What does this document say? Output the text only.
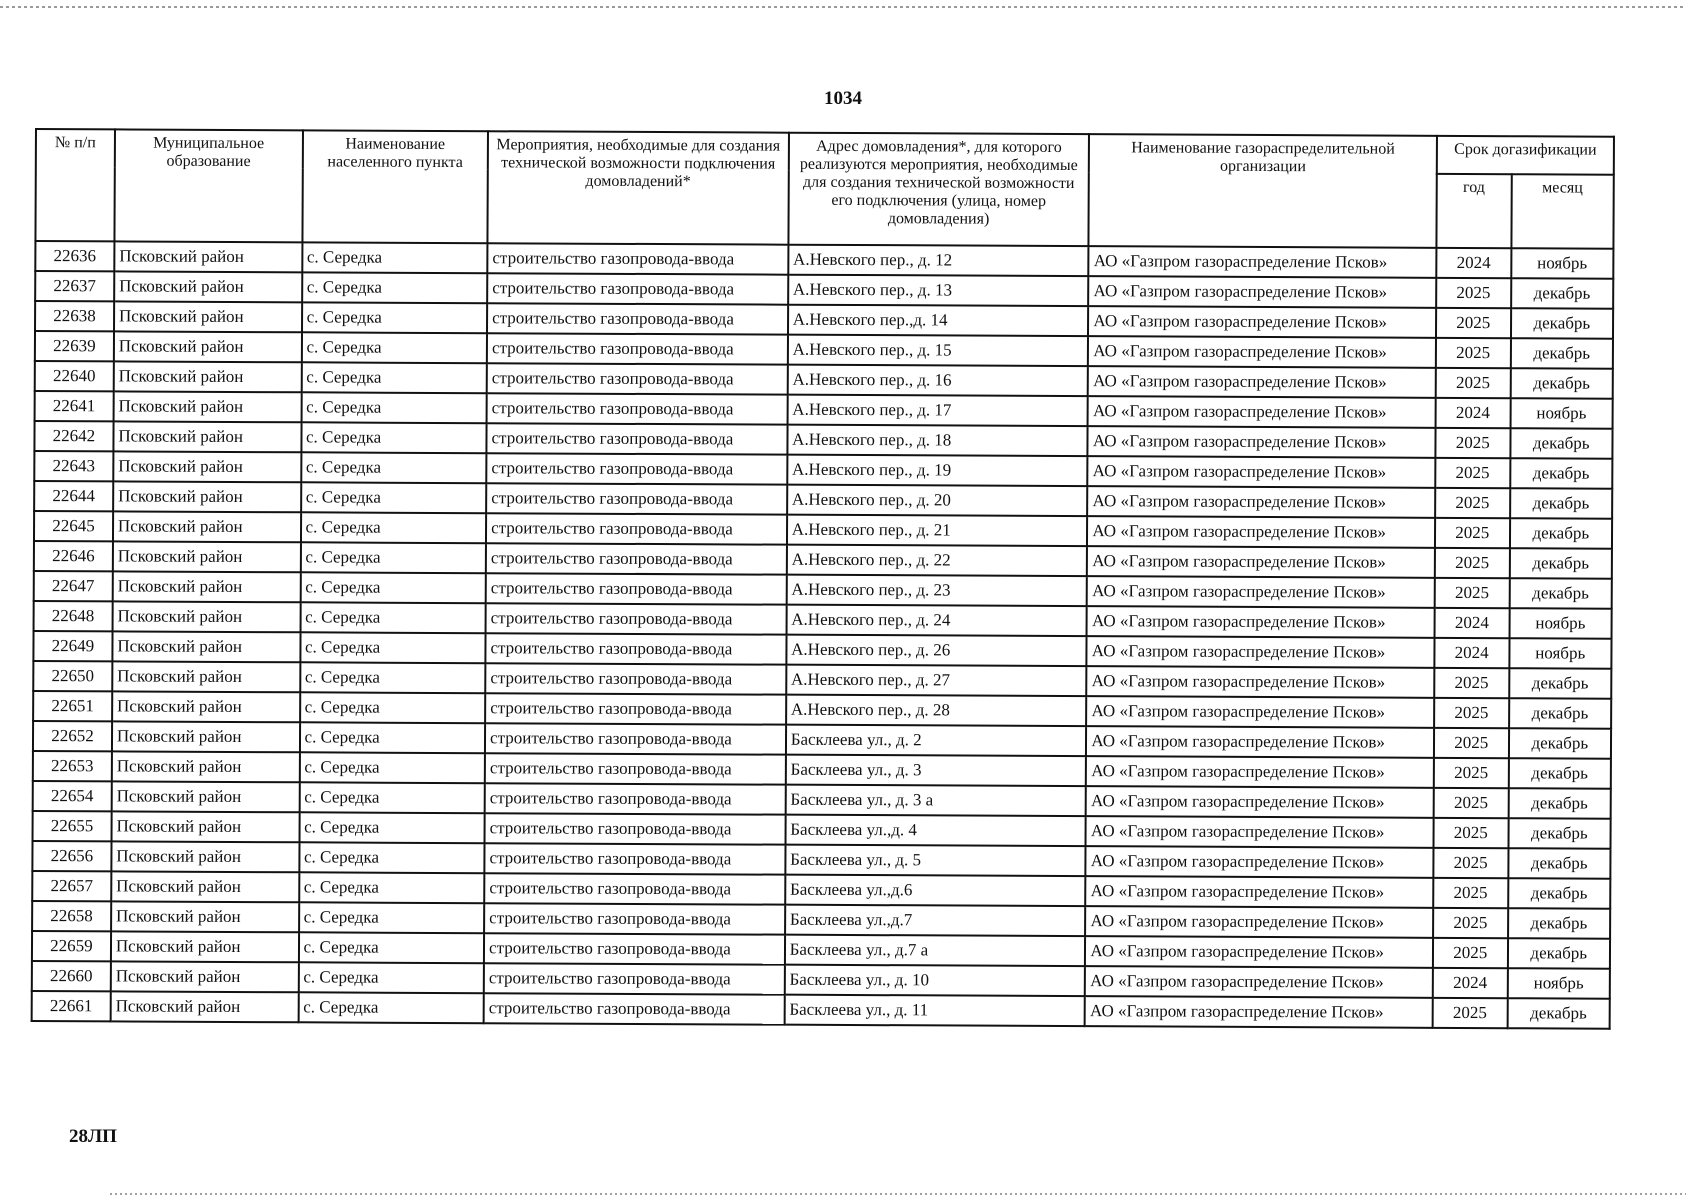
1034
№ п/п	Муниципальное образование	Наименование населенного пункта	Мероприятия, необходимые для создания технической возможности подключения домовладений*	Адрес домовладения*, для которого реализуются мероприятия, необходимые для создания технической возможности его подключения (улица, номер домовладения)	Наименование газораспределительной организации	Срок догазификации	
						год	месяц
22636	Псковский район	с. Середка	строительство газопровода-ввода	А.Невского пер., д. 12	АО «Газпром газораспределение Псков»	2024	ноябрь
22637	Псковский район	с. Середка	строительство газопровода-ввода	А.Невского пер., д. 13	АО «Газпром газораспределение Псков»	2025	декабрь
22638	Псковский район	с. Середка	строительство газопровода-ввода	А.Невского пер.,д. 14	АО «Газпром газораспределение Псков»	2025	декабрь
22639	Псковский район	с. Середка	строительство газопровода-ввода	А.Невского пер., д. 15	АО «Газпром газораспределение Псков»	2025	декабрь
22640	Псковский район	с. Середка	строительство газопровода-ввода	А.Невского пер., д. 16	АО «Газпром газораспределение Псков»	2025	декабрь
22641	Псковский район	с. Середка	строительство газопровода-ввода	А.Невского пер., д. 17	АО «Газпром газораспределение Псков»	2024	ноябрь
22642	Псковский район	с. Середка	строительство газопровода-ввода	А.Невского пер., д. 18	АО «Газпром газораспределение Псков»	2025	декабрь
22643	Псковский район	с. Середка	строительство газопровода-ввода	А.Невского пер., д. 19	АО «Газпром газораспределение Псков»	2025	декабрь
22644	Псковский район	с. Середка	строительство газопровода-ввода	А.Невского пер., д. 20	АО «Газпром газораспределение Псков»	2025	декабрь
22645	Псковский район	с. Середка	строительство газопровода-ввода	А.Невского пер., д. 21	АО «Газпром газораспределение Псков»	2025	декабрь
22646	Псковский район	с. Середка	строительство газопровода-ввода	А.Невского пер., д. 22	АО «Газпром газораспределение Псков»	2025	декабрь
22647	Псковский район	с. Середка	строительство газопровода-ввода	А.Невского пер., д. 23	АО «Газпром газораспределение Псков»	2025	декабрь
22648	Псковский район	с. Середка	строительство газопровода-ввода	А.Невского пер., д. 24	АО «Газпром газораспределение Псков»	2024	ноябрь
22649	Псковский район	с. Середка	строительство газопровода-ввода	А.Невского пер., д. 26	АО «Газпром газораспределение Псков»	2024	ноябрь
22650	Псковский район	с. Середка	строительство газопровода-ввода	А.Невского пер., д. 27	АО «Газпром газораспределение Псков»	2025	декабрь
22651	Псковский район	с. Середка	строительство газопровода-ввода	А.Невского пер., д. 28	АО «Газпром газораспределение Псков»	2025	декабрь
22652	Псковский район	с. Середка	строительство газопровода-ввода	Басклеева ул., д. 2	АО «Газпром газораспределение Псков»	2025	декабрь
22653	Псковский район	с. Середка	строительство газопровода-ввода	Басклеева ул., д. 3	АО «Газпром газораспределение Псков»	2025	декабрь
22654	Псковский район	с. Середка	строительство газопровода-ввода	Басклеева ул., д. 3 а	АО «Газпром газораспределение Псков»	2025	декабрь
22655	Псковский район	с. Середка	строительство газопровода-ввода	Басклеева ул.,д. 4	АО «Газпром газораспределение Псков»	2025	декабрь
22656	Псковский район	с. Середка	строительство газопровода-ввода	Басклеева ул., д. 5	АО «Газпром газораспределение Псков»	2025	декабрь
22657	Псковский район	с. Середка	строительство газопровода-ввода	Басклеева ул.,д.6	АО «Газпром газораспределение Псков»	2025	декабрь
22658	Псковский район	с. Середка	строительство газопровода-ввода	Басклеева ул.,д.7	АО «Газпром газораспределение Псков»	2025	декабрь
22659	Псковский район	с. Середка	строительство газопровода-ввода	Басклеева ул., д.7 а	АО «Газпром газораспределение Псков»	2025	декабрь
22660	Псковский район	с. Середка	строительство газопровода-ввода	Басклеева ул., д. 10	АО «Газпром газораспределение Псков»	2024	ноябрь
22661	Псковский район	с. Середка	строительство газопровода-ввода	Басклеева ул., д. 11	АО «Газпром газораспределение Псков»	2025	декабрь
28ЛП
